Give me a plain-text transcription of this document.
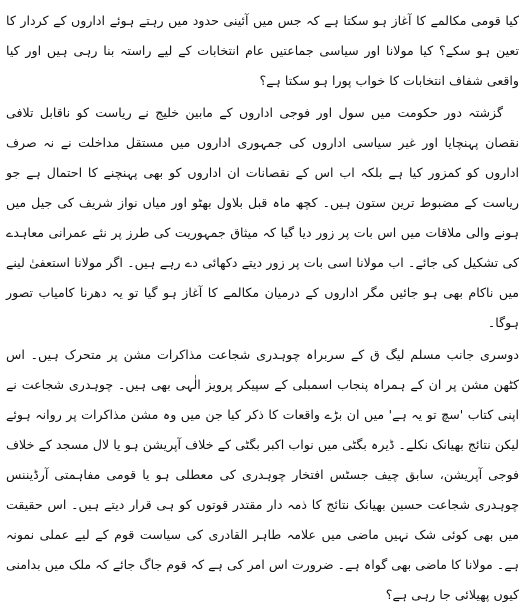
کیا قومی مکالمے کا آغاز ہو سکتا ہے کہ جس میں آئینی حدود میں رہتے ہوئے اداروں کے کردار کا تعین ہو سکے؟ کیا مولانا اور سیاسی جماعتیں عام انتخابات کے لیے راستہ بنا رہی ہیں اور کیا واقعی شفاف انتخابات کا خواب پورا ہو سکتا ہے؟

گزشتہ دور حکومت میں سول اور فوجی اداروں کے مابین خلیج نے ریاست کو ناقابل تلافی نقصان پہنچایا اور غیر سیاسی اداروں کی جمہوری اداروں میں مستقل مداخلت نے نہ صرف اداروں کو کمزور کیا ہے بلکہ اب اس کے نقصانات ان اداروں کو بھی پہنچنے کا احتمال ہے جو ریاست کے مضبوط ترین ستون ہیں۔ کچھ ماہ قبل بلاول بھٹو اور میاں نواز شریف کی جیل میں ہونے والی ملاقات میں اس بات پر زور دیا گیا کہ میثاق جمہوریت کی طرز پر نئے عمرانی معاہدے کی تشکیل کی جائے۔ اب مولانا اسی بات پر زور دیتے دکھائی دے رہے ہیں۔ اگر مولانا استعفیٰ لینے میں ناکام بھی ہو جائیں مگر اداروں کے درمیان مکالمے کا آغاز ہو گیا تو یہ دھرنا کامیاب تصور ہوگا۔

دوسری جانب مسلم لیگ ق کے سربراہ چوہدری شجاعت مذاکرات مشن پر متحرک ہیں۔ اس کٹھن مشن پر ان کے ہمراہ پنجاب اسمبلی کے سپیکر پرویز الٰہی بھی ہیں۔ چوہدری شجاعت نے اپنی کتاب 'سچ تو یہ ہے' میں ان بڑے واقعات کا ذکر کیا جن میں وہ مشن مذاکرات پر روانہ ہوئے لیکن نتائج بھیانک نکلے۔ ڈیرہ بگٹی میں نواب اکبر بگٹی کے خلاف آپریشن ہو یا لال مسجد کے خلاف فوجی آپریشن، سابق چیف جسٹس افتخار چوہدری کی معطلی ہو یا قومی مفاہمتی آرڈیننس چوہدری شجاعت حسین بھیانک نتائج کا ذمہ دار مقتدر قوتوں کو ہی قرار دیتے ہیں۔ اس حقیقت میں بھی کوئی شک نہیں ماضی میں علامہ طاہر القادری کی سیاست قوم کے لیے عملی نمونہ ہے۔ مولانا کا ماضی بھی گواہ ہے۔ ضرورت اس امر کی ہے کہ قوم جاگ جائے کہ ملک میں بدامنی کیوں پھیلائی جا رہی ہے؟
